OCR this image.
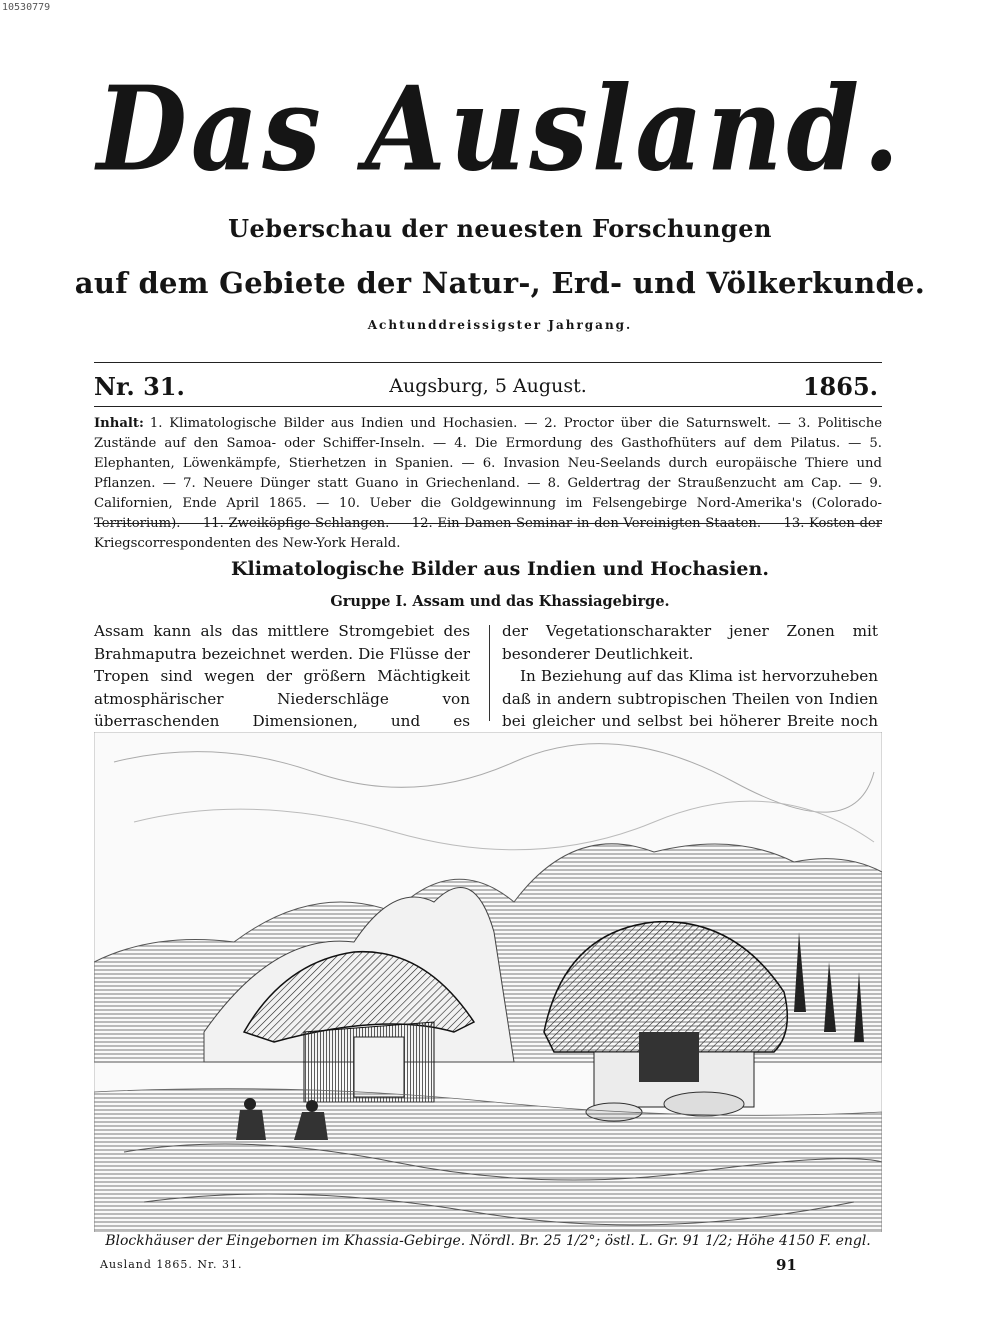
10530779
Das Ausland.
Ueberschau der neuesten Forschungen
auf dem Gebiete der Natur-, Erd- und Völkerkunde.
Achtunddreissigster Jahrgang.
Nr. 31.	Augsburg, 5 August.	1865.
Inhalt: 1. Klimatologische Bilder aus Indien und Hochasien. — 2. Proctor über die Saturnswelt. — 3. Politische Zustände auf den Samoa- oder Schiffer-Inseln. — 4. Die Ermordung des Gasthofhüters auf dem Pilatus. — 5. Elephanten, Löwenkämpfe, Stierhetzen in Spanien. — 6. Invasion Neu-Seelands durch europäische Thiere und Pflanzen. — 7. Neuere Dünger statt Guano in Griechenland. — 8. Geldertrag der Straußenzucht am Cap. — 9. Californien, Ende April 1865. — 10. Ueber die Goldgewinnung im Felsengebirge Nord-Amerika's (Colorado-Territorium). — 11. Zweiköpfige Schlangen. — 12. Ein Damen-Seminar in den Vereinigten Staaten. — 13. Kosten der Kriegscorrespondenten des New-York Herald.
Klimatologische Bilder aus Indien und Hochasien.
Gruppe I. Assam und das Khassiagebirge.
Assam kann als das mittlere Stromgebiet des Brahmaputra bezeichnet werden. Die Flüsse der Tropen sind wegen der größern Mächtigkeit atmosphärischer Niederschläge von überraschenden Dimensionen, und es
der Vegetationscharakter jener Zonen mit besonderer Deutlichkeit.
In Beziehung auf das Klima ist hervorzuheben daß in andern subtropischen Theilen von Indien bei gleicher und selbst bei höherer Breite noch
Blockhäuser der Eingebornen im Khassia-Gebirge. Nördl. Br. 25 1/2°; östl. L. Gr. 91 1/2; Höhe 4150 F. engl.
Ausland 1865. Nr. 31.	91
